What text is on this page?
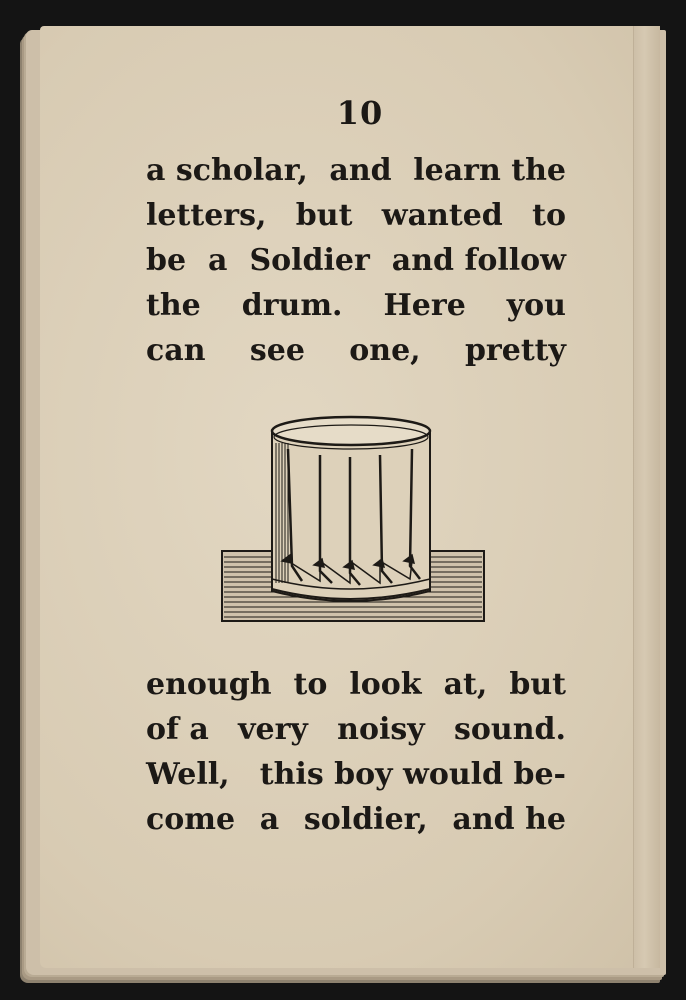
10
a scholar, and learn the
letters, but wanted to
be a Soldier and follow
the drum. Here you
can see one, pretty
enough to look at, but
of a very noisy sound.
Well, this boy would be-
come a soldier, and he
